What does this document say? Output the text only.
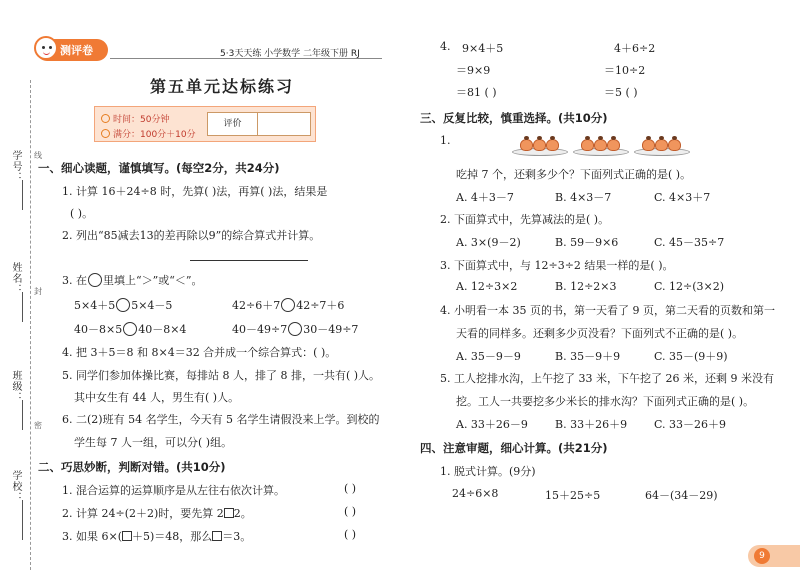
学号：
姓名：
班级：
学校：
线
封
密
测评卷	5·3天天练 小学数学 二年级下册 RJ
第五单元达标练习
时间：50分钟
满分：100分＋10分
评价
一、细心读题，谨慎填写。(每空2分，共24分)
1. 计算 16＋24÷8 时，先算( )法，再算( )法，结果是
( )。
2. 列出“85减去13的差再除以9”的综合算式并计算。
3. 在 里填上“＞”或“＜”。
5×4＋5 5×4－5	42÷6＋7 42÷7＋6
40－8×5 40－8×4	40－49÷7 30－49÷7
4. 把 3＋5＝8 和 8×4＝32 合并成一个综合算式：( )。
5. 同学们参加体操比赛，每排站 8 人，排了 8 排，一共有( )人。
其中女生有 44 人，男生有( )人。
6. 二(2)班有 54 名学生，今天有 5 名学生请假没来上学。到校的
学生每 7 人一组，可以分( )组。
二、巧思妙断，判断对错。(共10分)
1. 混合运算的运算顺序是从左往右依次计算。	( )
2. 计算 24÷(2＋2)时，要先算 2 2。	( )
3. 如果 6×( ＋5)＝48，那么 ＝3。	( )
4. 9×4＋5
＝9×9
＝81 ( )
4＋6÷2
＝10÷2
＝5 ( )
三、反复比较，慎重选择。(共10分)
1.
吃掉 7 个，还剩多少个？下面列式正确的是( )。
A. 4＋3－7	B. 4×3－7	C. 4×3＋7
2. 下面算式中，先算减法的是( )。
A. 3×(9－2)	B. 59－9×6	C. 45－35÷7
3. 下面算式中，与 12÷3÷2 结果一样的是( )。
A. 12÷3×2	B. 12÷2×3	C. 12÷(3×2)
4. 小明看一本 35 页的书，第一天看了 9 页，第二天看的页数和第一
天看的同样多。还剩多少页没看？下面列式不正确的是( )。
A. 35－9－9	B. 35－9＋9	C. 35－(9＋9)
5. 工人挖排水沟，上午挖了 33 米，下午挖了 26 米，还剩 9 米没有
挖。工人一共要挖多少米长的排水沟？下面列式正确的是( )。
A. 33＋26－9 B. 33＋26＋9 C. 33－26＋9
四、注意审题，细心计算。(共21分)
1. 脱式计算。(9分)
24÷6×8	15＋25÷5	64－(34－29)
9
